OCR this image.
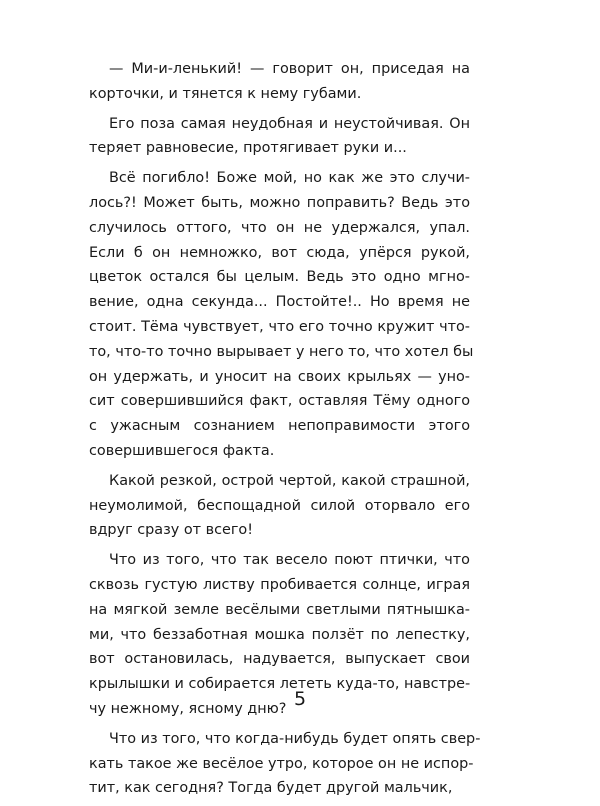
— Ми-и-ленький! — говорит он, приседая на
корточки, и тянется к нему губами.

Его поза самая неудобная и неустойчивая. Он
теряет равновесие, протягивает руки и...

Всё погибло! Боже мой, но как же это случи-
лось?! Может быть, можно поправить? Ведь это
случилось оттого, что он не удержался, упал.
Если б он немножко, вот сюда, упёрся рукой,
цветок остался бы целым. Ведь это одно мгно-
вение, одна секунда... Постойте!.. Но время не
стоит. Тёма чувствует, что его точно кружит что-
то, что-то точно вырывает у него то, что хотел бы
он удержать, и уносит на своих крыльях — уно-
сит совершившийся факт, оставляя Тёму одного
с ужасным сознанием непоправимости этого
совершившегося факта.

Какой резкой, острой чертой, какой страшной,
неумолимой, беспощадной силой оторвало его
вдруг сразу от всего!

Что из того, что так весело поют птички, что
сквозь густую листву пробивается солнце, играя
на мягкой земле весёлыми светлыми пятнышка-
ми, что беззаботная мошка ползёт по лепестку,
вот остановилась, надувается, выпускает свои
крылышки и собирается лететь куда-то, навстре-
чу нежному, ясному дню?

Что из того, что когда-нибудь будет опять свер-
кать такое же весёлое утро, которое он не испор-
тит, как сегодня? Тогда будет другой мальчик,

5
